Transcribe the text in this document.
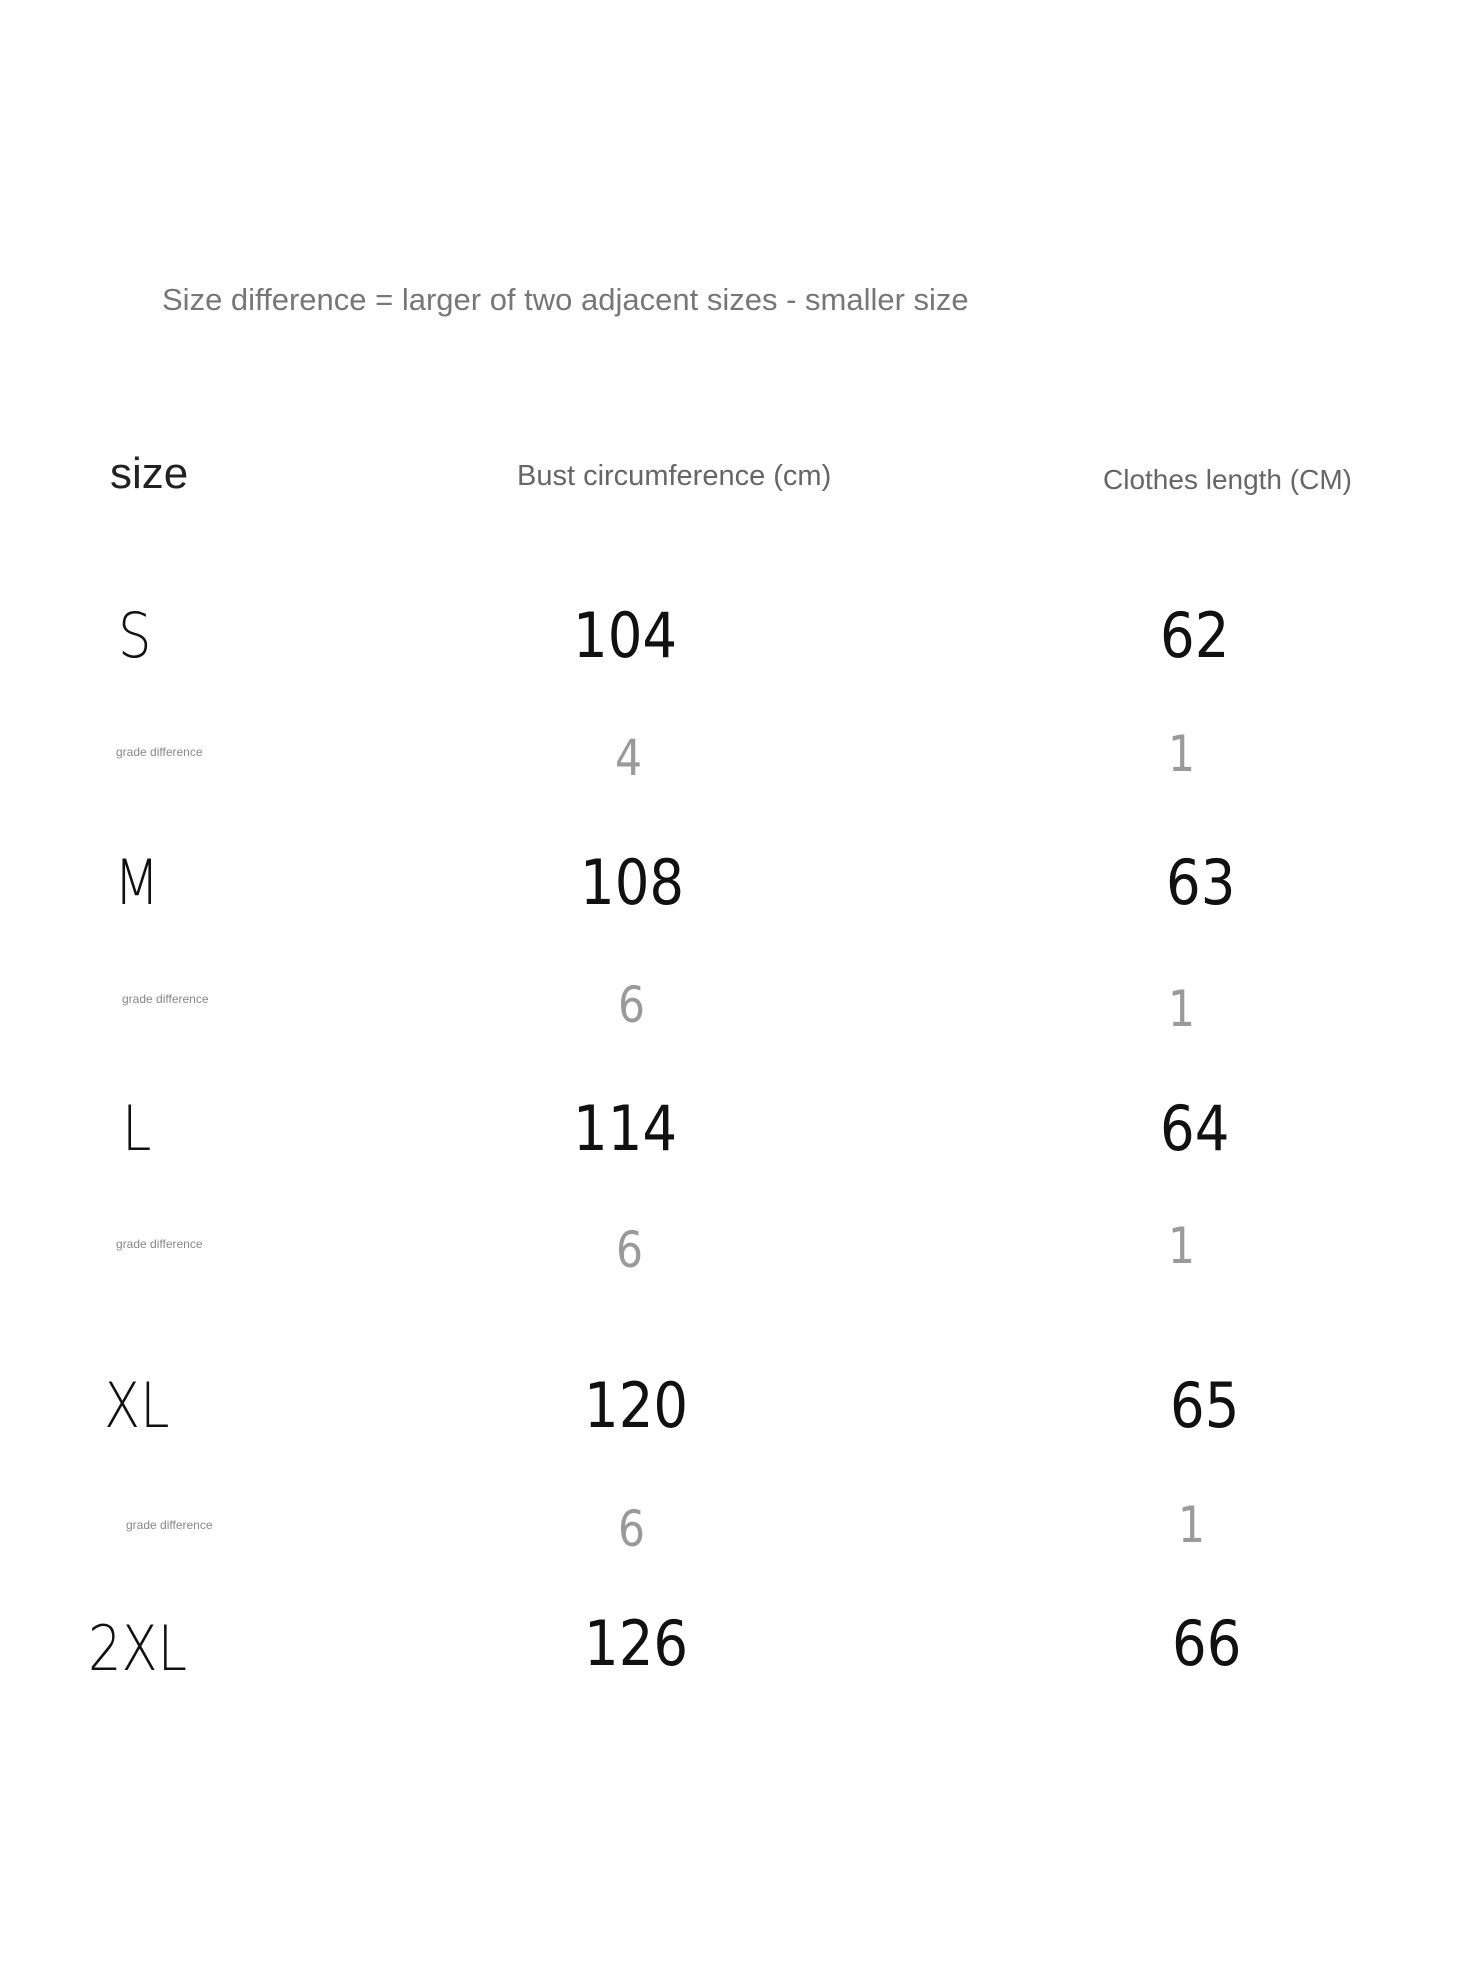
Size difference = larger of two adjacent sizes - smaller size
size	Bust circumference (cm)	Clothes length (CM)
S	104	62
grade difference	4	1
M	108	63
grade difference	6	1
L	114	64
grade difference	6	1
XL	120	65
grade difference	6	1
2XL	126	66
